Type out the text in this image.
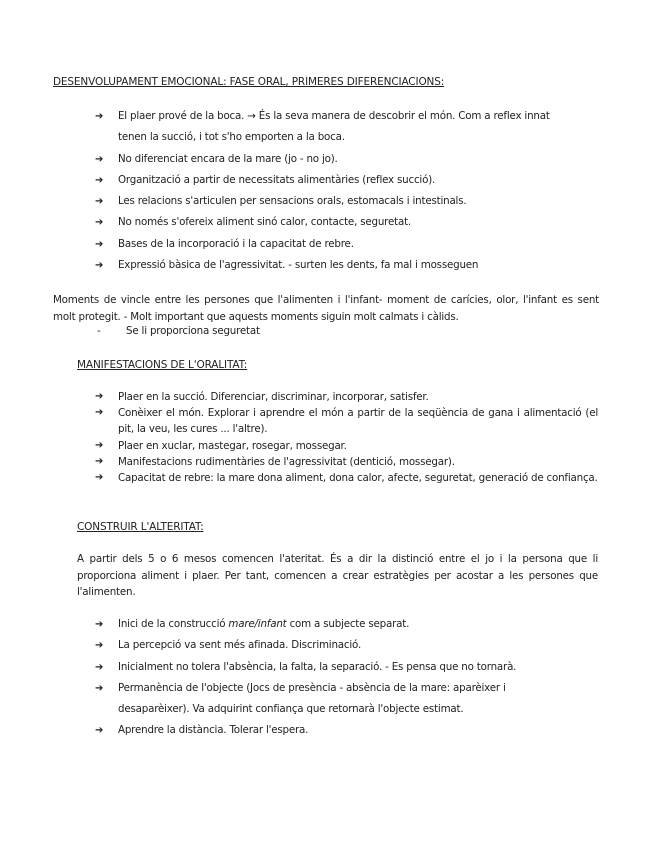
DESENVOLUPAMENT EMOCIONAL: FASE ORAL, PRIMERES DIFERENCIACIONS:
➔ El plaer prové de la boca. → És la seva manera de descobrir el món. Com a reflex innat
tenen la succió, i tot s'ho emporten a la boca.
➔ No diferenciat encara de la mare (jo - no jo).
➔ Organització a partir de necessitats alimentàries (reflex succió).
➔ Les relacions s'articulen per sensacions orals, estomacals i intestinals.
➔ No només s'ofereix aliment sinó calor, contacte, seguretat.
➔ Bases de la incorporació i la capacitat de rebre.
➔ Expressió bàsica de l'agressivitat. - surten les dents, fa mal i mosseguen

Moments de vincle entre les persones que l'alimenten i l'infant- moment de carícies, olor, l'infant es sent molt protegit. - Molt important que aquests moments siguin molt calmats i càlids.

- Se li proporciona seguretat
MANIFESTACIONS DE L'ORALITAT:
➔ Plaer en la succió. Diferenciar, discriminar, incorporar, satisfer.
➔ Conèixer el món. Explorar i aprendre el món a partir de la seqüència de gana i alimentació (el pit, la veu, les cures ... l'altre).
➔ Plaer en xuclar, mastegar, rosegar, mossegar.
➔ Manifestacions rudimentàries de l'agressivitat (dentició, mossegar).
➔ Capacitat de rebre: la mare dona aliment, dona calor, afecte, seguretat, generació de confiança.
CONSTRUIR L'ALTERITAT:

A partir dels 5 o 6 mesos comencen l'ateritat. És a dir la distinció entre el jo i la persona que li proporciona aliment i plaer. Per tant, comencen a crear estratègies per acostar a les persones que l'alimenten.

➔ Inici de la construcció mare/infant com a subjecte separat.
➔ La percepció va sent més afinada. Discriminació.
➔ Inicialment no tolera l'absència, la falta, la separació. - Es pensa que no tornarà.
➔ Permanència de l'objecte (Jocs de presència - absència de la mare: aparèixer i
desaparèixer). Va adquirint confiança que retornarà l'objecte estimat.
➔ Aprendre la distància. Tolerar l'espera.
